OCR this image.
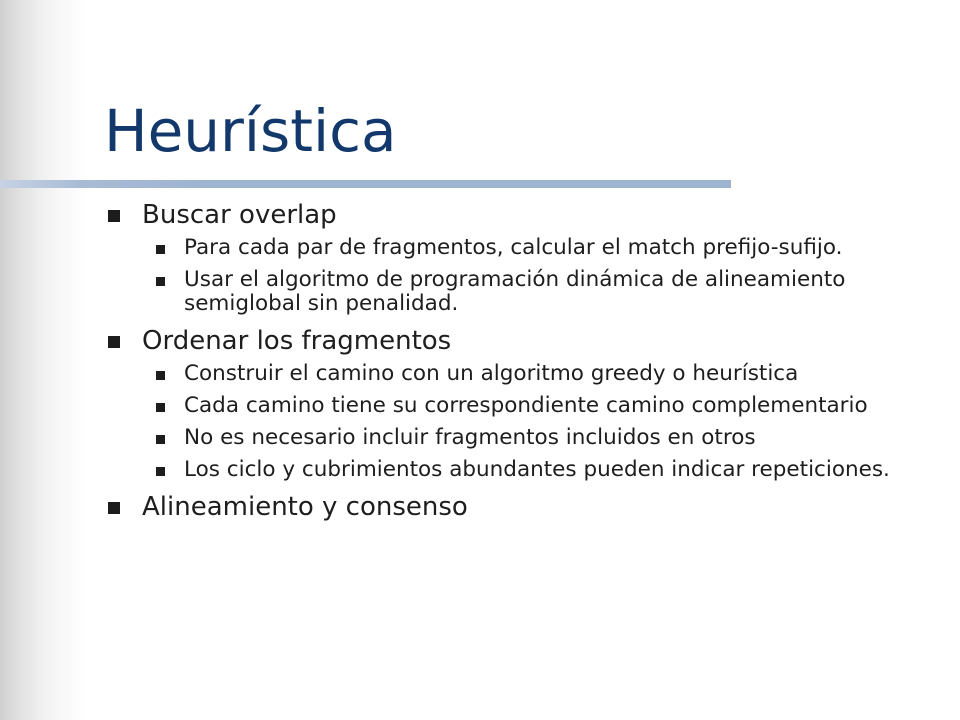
Heurística
Buscar overlap
Para cada par de fragmentos, calcular el match prefijo-sufijo.
Usar el algoritmo de programación dinámica de alineamiento semiglobal sin penalidad.
Ordenar los fragmentos
Construir el camino con un algoritmo greedy o heurística
Cada camino tiene su correspondiente camino complementario
No es necesario incluir fragmentos incluidos en otros
Los ciclo y cubrimientos abundantes pueden indicar repeticiones.
Alineamiento y consenso
